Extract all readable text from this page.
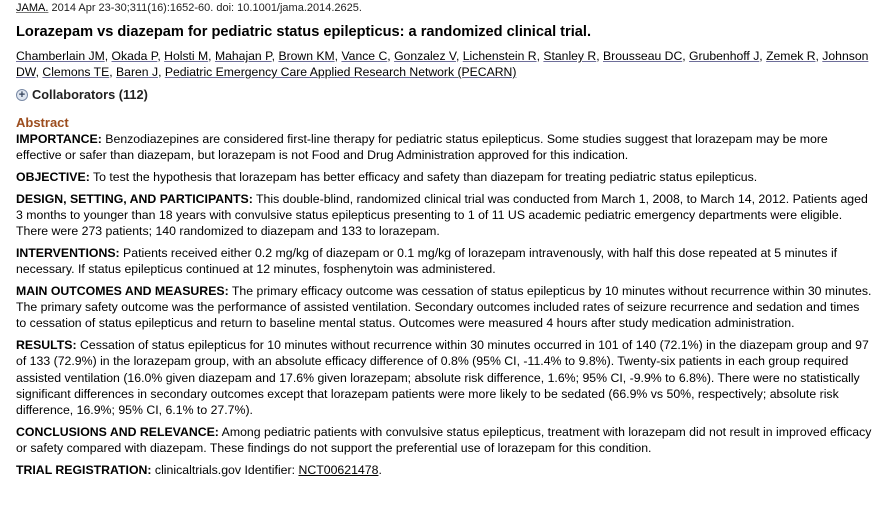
JAMA. 2014 Apr 23-30;311(16):1652-60. doi: 10.1001/jama.2014.2625.
Lorazepam vs diazepam for pediatric status epilepticus: a randomized clinical trial.
Chamberlain JM, Okada P, Holsti M, Mahajan P, Brown KM, Vance C, Gonzalez V, Lichenstein R, Stanley R, Brousseau DC, Grubenhoff J, Zemek R, Johnson DW, Clemons TE, Baren J, Pediatric Emergency Care Applied Research Network (PECARN)
+ Collaborators (112)
Abstract

IMPORTANCE: Benzodiazepines are considered first-line therapy for pediatric status epilepticus. Some studies suggest that lorazepam may be more effective or safer than diazepam, but lorazepam is not Food and Drug Administration approved for this indication.

OBJECTIVE: To test the hypothesis that lorazepam has better efficacy and safety than diazepam for treating pediatric status epilepticus.

DESIGN, SETTING, AND PARTICIPANTS: This double-blind, randomized clinical trial was conducted from March 1, 2008, to March 14, 2012. Patients aged 3 months to younger than 18 years with convulsive status epilepticus presenting to 1 of 11 US academic pediatric emergency departments were eligible. There were 273 patients; 140 randomized to diazepam and 133 to lorazepam.

INTERVENTIONS: Patients received either 0.2 mg/kg of diazepam or 0.1 mg/kg of lorazepam intravenously, with half this dose repeated at 5 minutes if necessary. If status epilepticus continued at 12 minutes, fosphenytoin was administered.

MAIN OUTCOMES AND MEASURES: The primary efficacy outcome was cessation of status epilepticus by 10 minutes without recurrence within 30 minutes. The primary safety outcome was the performance of assisted ventilation. Secondary outcomes included rates of seizure recurrence and sedation and times to cessation of status epilepticus and return to baseline mental status. Outcomes were measured 4 hours after study medication administration.

RESULTS: Cessation of status epilepticus for 10 minutes without recurrence within 30 minutes occurred in 101 of 140 (72.1%) in the diazepam group and 97 of 133 (72.9%) in the lorazepam group, with an absolute efficacy difference of 0.8% (95% CI, -11.4% to 9.8%). Twenty-six patients in each group required assisted ventilation (16.0% given diazepam and 17.6% given lorazepam; absolute risk difference, 1.6%; 95% CI, -9.9% to 6.8%). There were no statistically significant differences in secondary outcomes except that lorazepam patients were more likely to be sedated (66.9% vs 50%, respectively; absolute risk difference, 16.9%; 95% CI, 6.1% to 27.7%).

CONCLUSIONS AND RELEVANCE: Among pediatric patients with convulsive status epilepticus, treatment with lorazepam did not result in improved efficacy or safety compared with diazepam. These findings do not support the preferential use of lorazepam for this condition.

TRIAL REGISTRATION: clinicaltrials.gov Identifier: NCT00621478.
